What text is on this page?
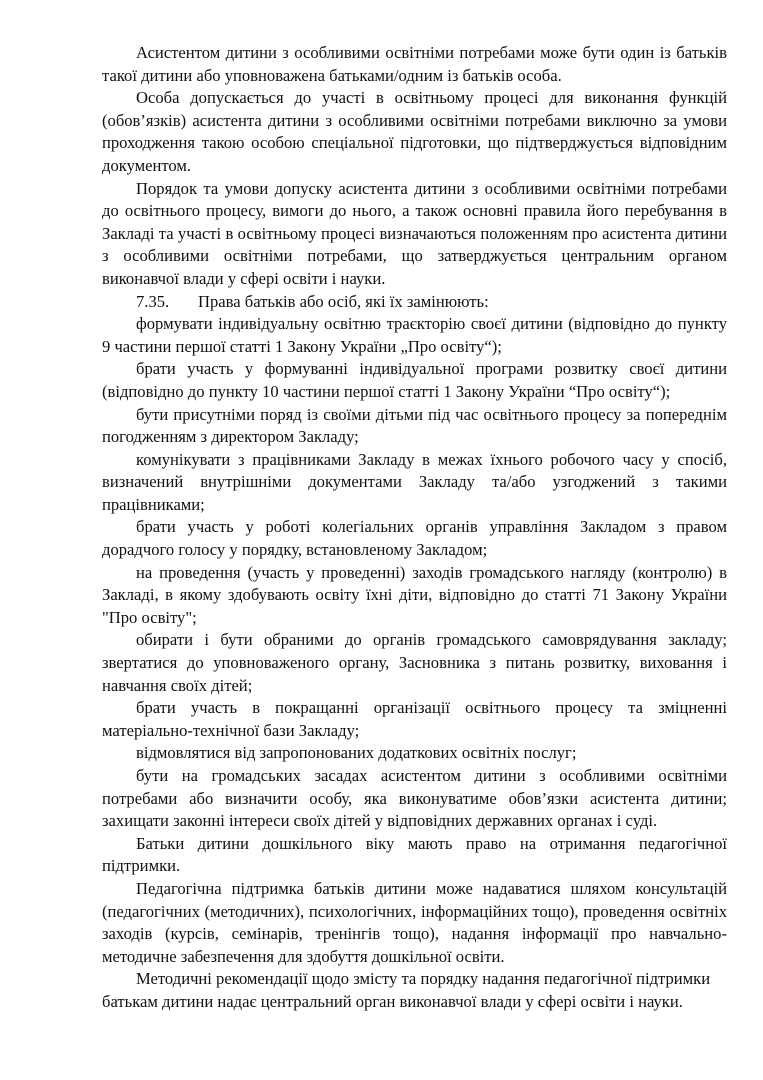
Асистентом дитини з особливими освітніми потребами може бути один із батьків такої дитини або уповноважена батьками/одним із батьків особа.

Особа допускається до участі в освітньому процесі для виконання функцій (обов’язків) асистента дитини з особливими освітніми потребами виключно за умови проходження такою особою спеціальної підготовки, що підтверджується відповідним документом.

Порядок та умови допуску асистента дитини з особливими освітніми потребами до освітнього процесу, вимоги до нього, а також основні правила його перебування в Закладі та участі в освітньому процесі визначаються положенням про асистента дитини з особливими освітніми потребами, що затверджується центральним органом виконавчої влади у сфері освіти і науки.

7.35. Права батьків або осіб, які їх замінюють:

формувати індивідуальну освітню траєкторію своєї дитини (відповідно до пункту 9 частини першої статті 1 Закону України „Про освіту“);

брати участь у формуванні індивідуальної програми розвитку своєї дитини (відповідно до пункту 10 частини першої статті 1 Закону України “Про освіту“);

бути присутніми поряд із своїми дітьми під час освітнього процесу за попереднім погодженням з директором Закладу;

комунікувати з працівниками Закладу в межах їхнього робочого часу у спосіб, визначений внутрішніми документами Закладу та/або узгоджений з такими працівниками;

брати участь у роботі колегіальних органів управління Закладом з правом дорадчого голосу у порядку, встановленому Закладом;

на проведення (участь у проведенні) заходів громадського нагляду (контролю) в Закладі, в якому здобувають освіту їхні діти, відповідно до статті 71 Закону України "Про освіту";

обирати і бути обраними до органів громадського самоврядування закладу; звертатися до уповноваженого органу, Засновника з питань розвитку, виховання і навчання своїх дітей;

брати участь в покращанні організації освітнього процесу та зміцненні матеріально-технічної бази Закладу;

відмовлятися від запропонованих додаткових освітніх послуг;

бути на громадських засадах асистентом дитини з особливими освітніми потребами або визначити особу, яка виконуватиме обов’язки асистента дитини; захищати законні інтереси своїх дітей у відповідних державних органах і суді.

Батьки дитини дошкільного віку мають право на отримання педагогічної підтримки.

Педагогічна підтримка батьків дитини може надаватися шляхом консультацій (педагогічних (методичних), психологічних, інформаційних тощо), проведення освітніх заходів (курсів, семінарів, тренінгів тощо), надання інформації про навчально-методичне забезпечення для здобуття дошкільної освіти.

Методичні рекомендації щодо змісту та порядку надання педагогічної підтримки батькам дитини надає центральний орган виконавчої влади у сфері освіти і науки.
